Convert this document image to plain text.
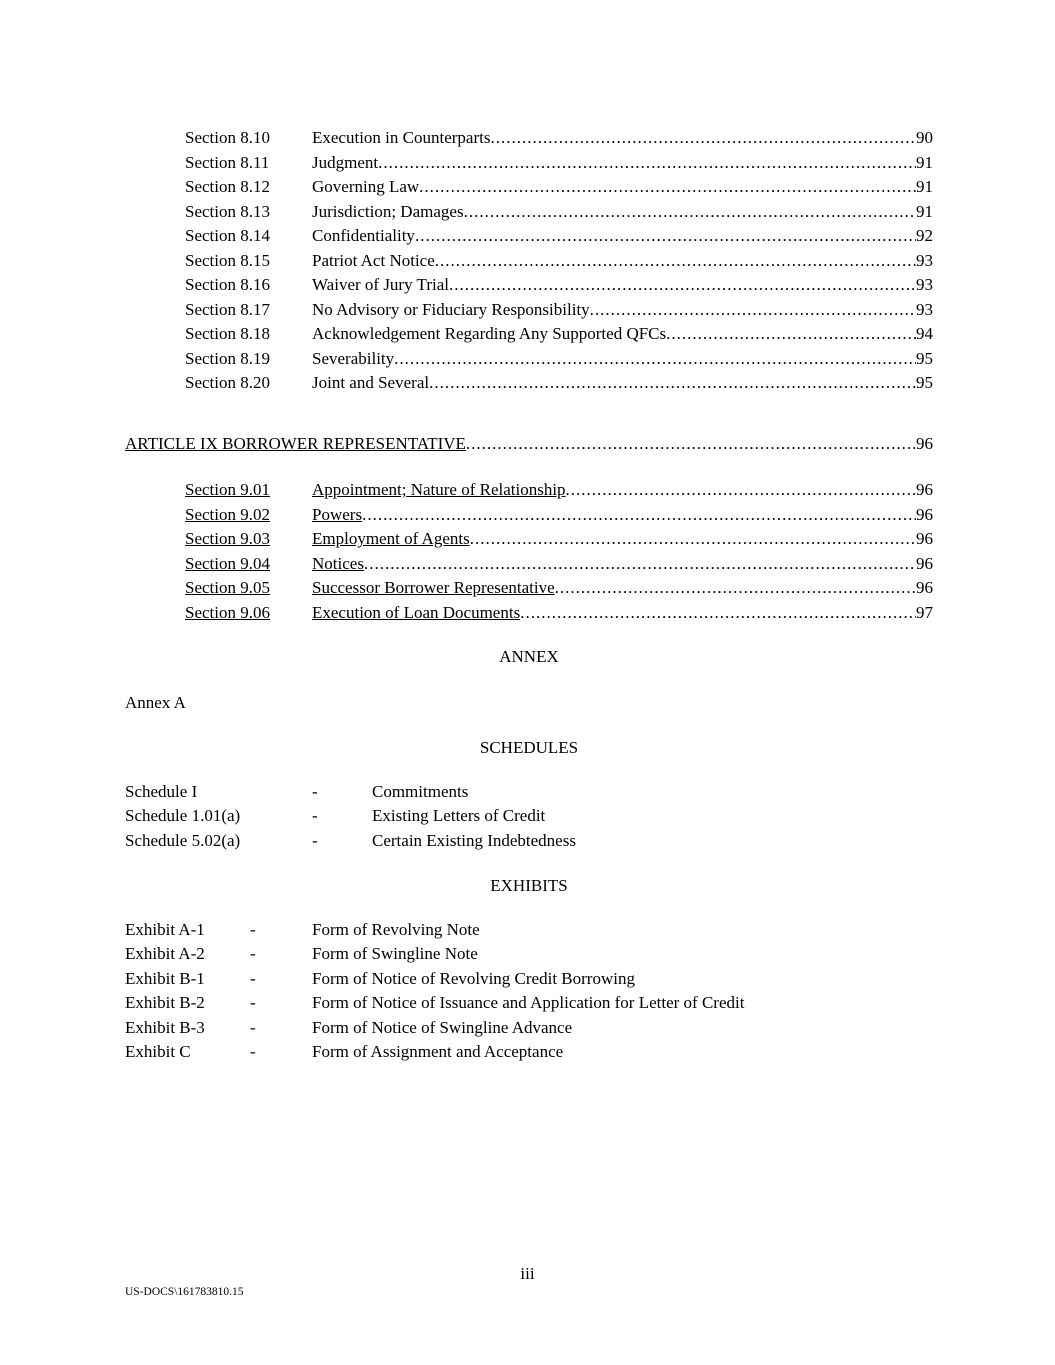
Section 8.10	Execution in Counterparts .....	90
Section 8.11	Judgment .....	91
Section 8.12	Governing Law .....	91
Section 8.13	Jurisdiction; Damages .....	91
Section 8.14	Confidentiality .....	92
Section 8.15	Patriot Act Notice .....	93
Section 8.16	Waiver of Jury Trial .....	93
Section 8.17	No Advisory or Fiduciary Responsibility .....	93
Section 8.18	Acknowledgement Regarding Any Supported QFCs .....	94
Section 8.19	Severability .....	95
Section 8.20	Joint and Several .....	95
ARTICLE IX BORROWER REPRESENTATIVE .....	96
Section 9.01	Appointment; Nature of Relationship .....	96
Section 9.02	Powers .....	96
Section 9.03	Employment of Agents .....	96
Section 9.04	Notices .....	96
Section 9.05	Successor Borrower Representative .....	96
Section 9.06	Execution of Loan Documents .....	97
ANNEX
Annex A
SCHEDULES
Schedule I	-	Commitments
Schedule 1.01(a)	-	Existing Letters of Credit
Schedule 5.02(a)	-	Certain Existing Indebtedness
EXHIBITS
Exhibit A-1	-	Form of Revolving Note
Exhibit A-2	-	Form of Swingline Note
Exhibit B-1	-	Form of Notice of Revolving Credit Borrowing
Exhibit B-2	-	Form of Notice of Issuance and Application for Letter of Credit
Exhibit B-3	-	Form of Notice of Swingline Advance
Exhibit C	-	Form of Assignment and Acceptance
iii
US-DOCS\161783810.15
